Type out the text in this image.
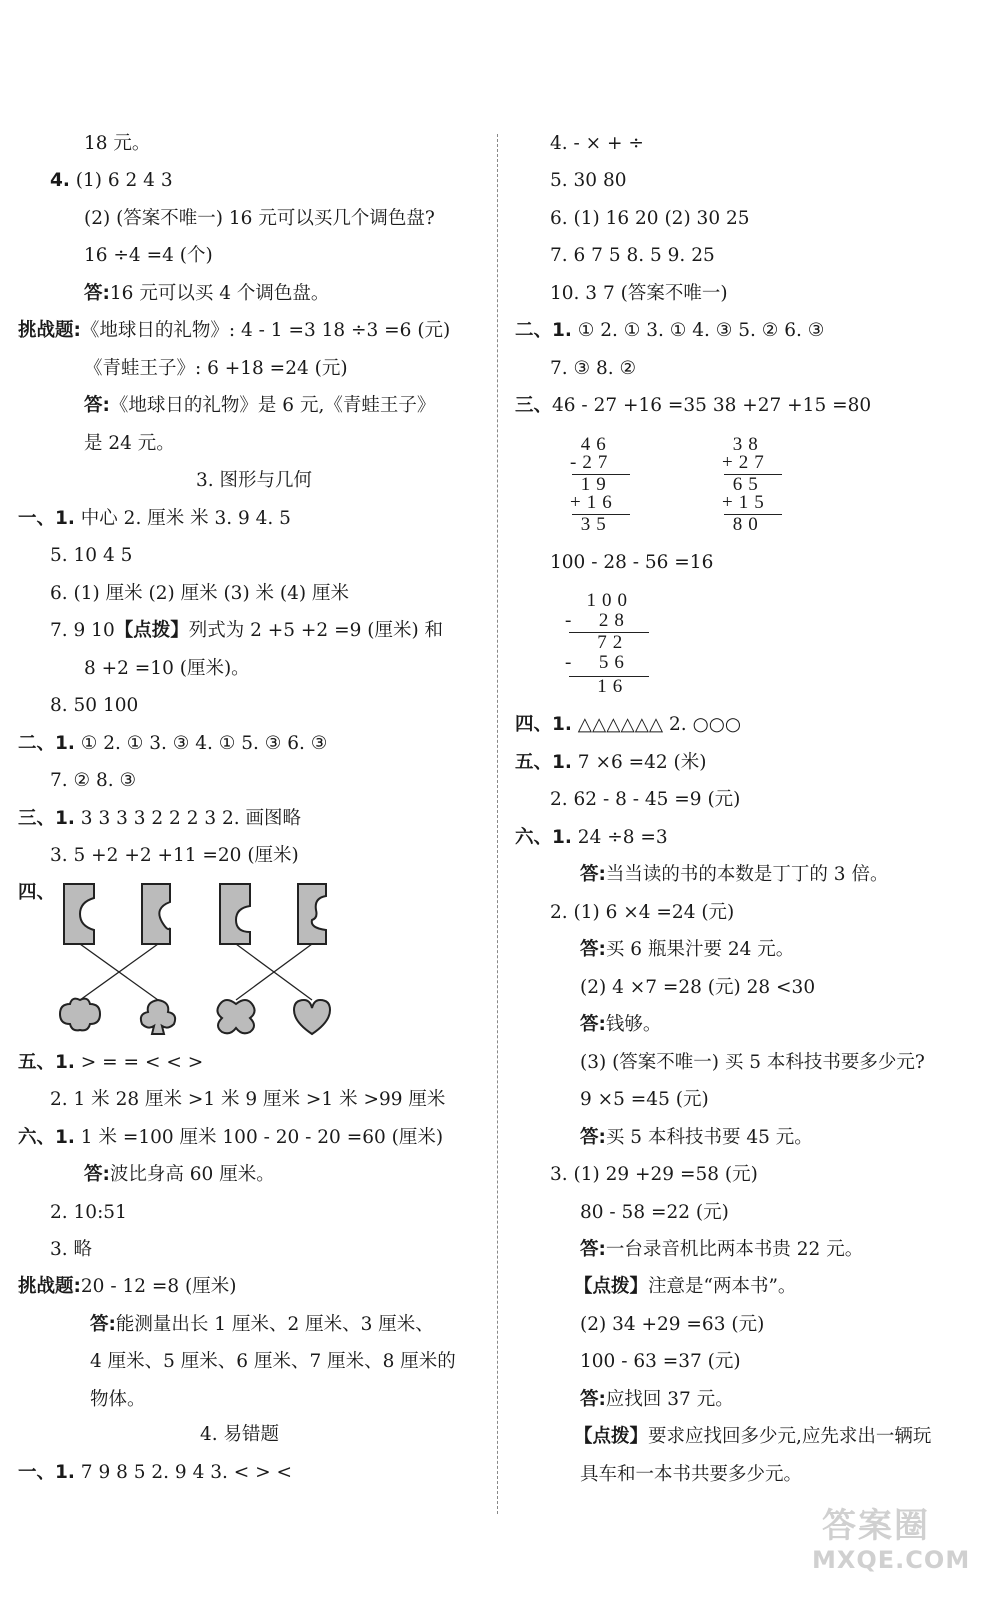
18 元。
4. (1) 6 2 4 3
(2) (答案不唯一) 16 元可以买几个调色盘?
16 ÷4 =4 (个)
答:16 元可以买 4 个调色盘。
挑战题:《地球日的礼物》: 4 - 1 =3 18 ÷3 =6 (元)
《青蛙王子》: 6 +18 =24 (元)
答:《地球日的礼物》是 6 元,《青蛙王子》
是 24 元。
3. 图形与几何
一、1. 中心 2. 厘米 米 3. 9 4. 5
5. 10 4 5
6. (1) 厘米 (2) 厘米 (3) 米 (4) 厘米
7. 9 10【点拨】列式为 2 +5 +2 =9 (厘米) 和
8 +2 =10 (厘米)。
8. 50 100
二、1. ① 2. ① 3. ③ 4. ① 5. ③ 6. ③
7. ② 8. ③
三、1. 3 3 3 3 2 2 2 3 2. 画图略
3. 5 +2 +2 +11 =20 (厘米)
四、
五、1. > = = < < >
2. 1 米 28 厘米 >1 米 9 厘米 >1 米 >99 厘米
六、1. 1 米 =100 厘米 100 - 20 - 20 =60 (厘米)
答:波比身高 60 厘米。
2. 10:51
3. 略
挑战题:20 - 12 =8 (厘米)
答:能测量出长 1 厘米、2 厘米、3 厘米、
4 厘米、5 厘米、6 厘米、7 厘米、8 厘米的
物体。
4. 易错题
一、1. 7 9 8 5 2. 9 4 3. < > <
4. - × + ÷
5. 30 80
6. (1) 16 20 (2) 30 25
7. 6 7 5 8. 5 9. 25
10. 3 7 (答案不唯一)
二、1. ① 2. ① 3. ① 4. ③ 5. ② 6. ③
7. ③ 8. ②
三、46 - 27 +16 =35 38 +27 +15 =80
46
-27
19
+16
35
38
+27
65
+15
80
100 - 28 - 56 =16
100
-  28
72
-  56
16
四、1. △△△△△△ 2. ○○○
五、1. 7 ×6 =42 (米)
2. 62 - 8 - 45 =9 (元)
六、1. 24 ÷8 =3
答:当当读的书的本数是丁丁的 3 倍。
2. (1) 6 ×4 =24 (元)
答:买 6 瓶果汁要 24 元。
(2) 4 ×7 =28 (元) 28 <30
答:钱够。
(3) (答案不唯一) 买 5 本科技书要多少元?
9 ×5 =45 (元)
答:买 5 本科技书要 45 元。
3. (1) 29 +29 =58 (元)
80 - 58 =22 (元)
答:一台录音机比两本书贵 22 元。
【点拨】注意是“两本书”。
(2) 34 +29 =63 (元)
100 - 63 =37 (元)
答:应找回 37 元。
【点拨】要求应找回多少元,应先求出一辆玩
具车和一本书共要多少元。
答案圈
MXQE.COM
